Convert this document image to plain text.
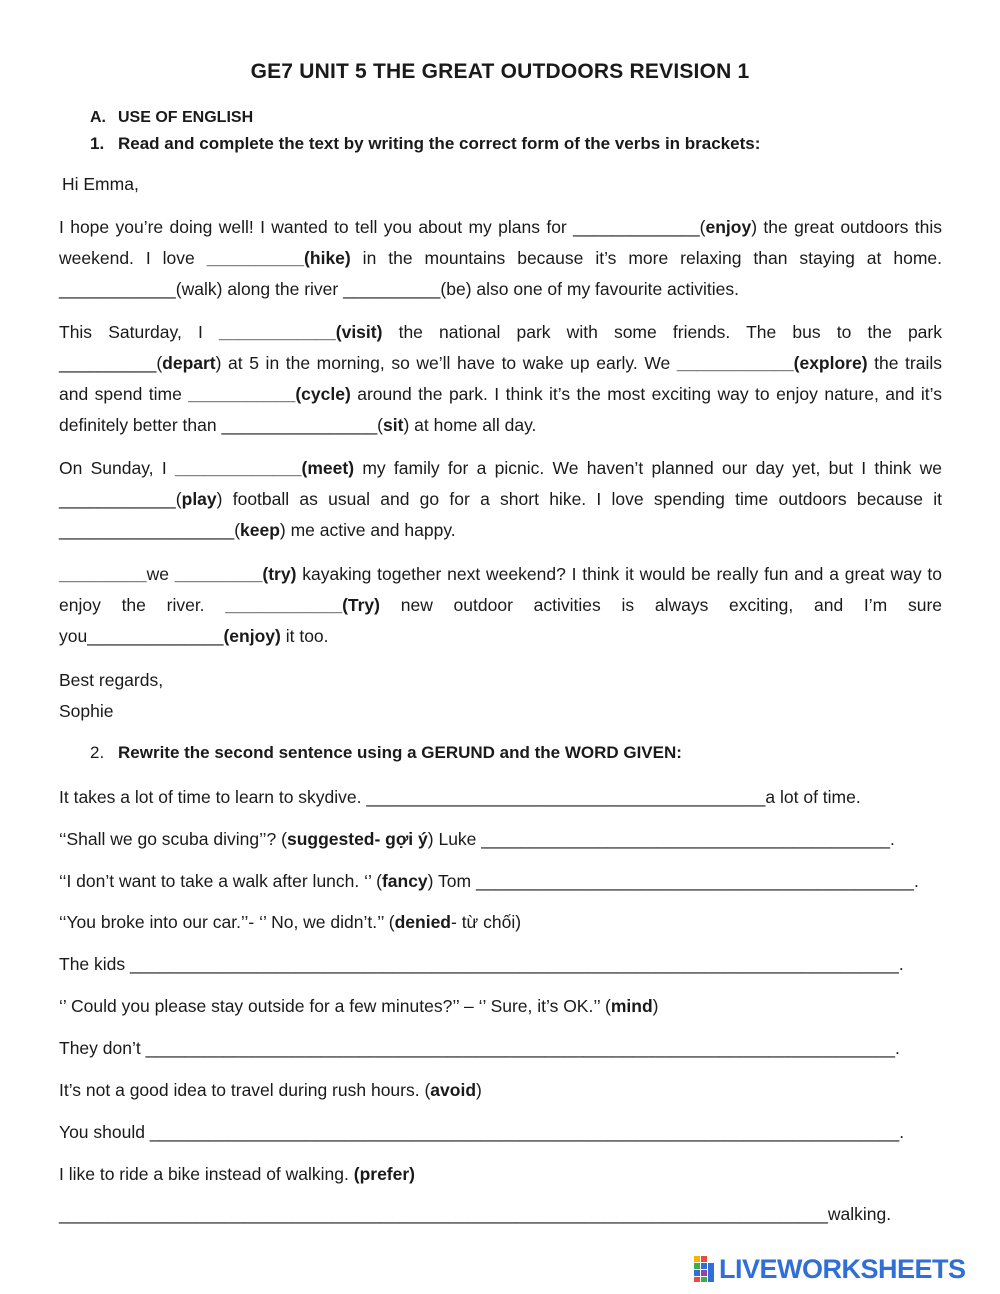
GE7 UNIT 5 THE GREAT OUTDOORS REVISION 1
A. USE OF ENGLISH
1. Read and complete the text by writing the correct form of the verbs in brackets:
Hi Emma,
I hope you’re doing well! I wanted to tell you about my plans for _____________(enjoy) the great outdoors this weekend. I love __________(hike) in the mountains because it’s more relaxing than staying at home. ____________(walk) along the river __________(be) also one of my favourite activities.
This Saturday, I ____________(visit) the national park with some friends. The bus to the park __________(depart) at 5 in the morning, so we’ll have to wake up early. We ____________(explore) the trails and spend time ___________(cycle) around the park. I think it’s the most exciting way to enjoy nature, and it’s definitely better than ________________(sit) at home all day.
On Sunday, I _____________(meet) my family for a picnic. We haven’t planned our day yet, but I think we ____________(play) football as usual and go for a short hike. I love spending time outdoors because it __________________(keep) me active and happy.
_________we _________(try) kayaking together next weekend? I think it would be really fun and a great way to enjoy the river. ____________(Try) new outdoor activities is always exciting, and I’m sure you______________(enjoy) it too.
Best regards,
Sophie
2. Rewrite the second sentence using a GERUND and the WORD GIVEN:
It takes a lot of time to learn to skydive. _________________________________________a lot of time.
‘‘Shall we go scuba diving’’? (suggested- gợi ý) Luke __________________________________________.
‘‘I don’t want to take a walk after lunch. ‘’ (fancy) Tom _____________________________________________.
‘‘You broke into our car.’’- ‘’ No, we didn’t.’’ (denied- từ chối)
The kids _______________________________________________________________________________.
‘’ Could you please stay outside for a few minutes?’’ – ‘’ Sure, it’s OK.’’ (mind)
They don’t _____________________________________________________________________________.
It’s not a good idea to travel during rush hours. (avoid)
You should _____________________________________________________________________________.
I like to ride a bike instead of walking. (prefer)
_______________________________________________________________________________walking.
LIVEWORKSHEETS
